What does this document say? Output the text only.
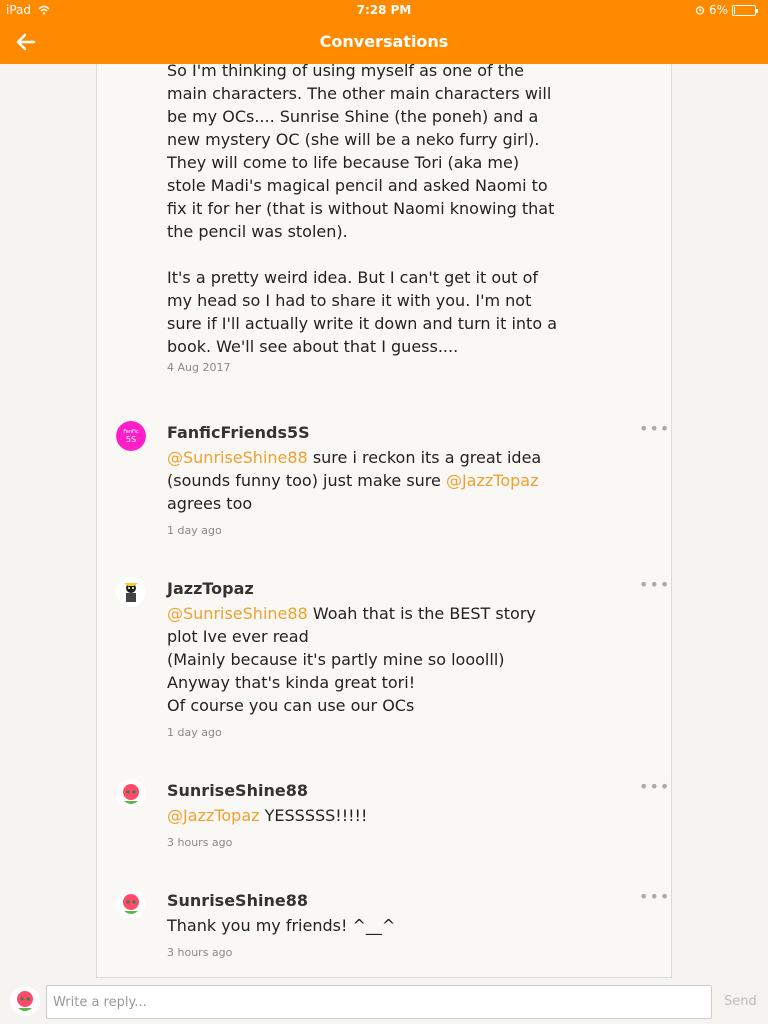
iPad	7:28 PM	6%
Conversations
So I'm thinking of using myself as one of the main characters. The other main characters will be my OCs.... Sunrise Shine (the poneh) and a new mystery OC (she will be a neko furry girl). They will come to life because Tori (aka me) stole Madi's magical pencil and asked Naomi to fix it for her (that is without Naomi knowing that the pencil was stolen).
It's a pretty weird idea. But I can't get it out of my head so I had to share it with you. I'm not sure if I'll actually write it down and turn it into a book. We'll see about that I guess....
4 Aug 2017
FanFic
5S FanficFriends5S
@SunriseShine88 sure i reckon its a great idea (sounds funny too) just make sure @JazzTopaz agrees too
•••
1 day ago
JazzTopaz
@SunriseShine88 Woah that is the BEST story plot Ive ever read
(Mainly because it's partly mine so looolll)
Anyway that's kinda great tori!
Of course you can use our OCs
•••
1 day ago
SunriseShine88
@JazzTopaz YESSSSS!!!!!
•••
3 hours ago
SunriseShine88
Thank you my friends! ^__^
•••
3 hours ago
Write a reply...
Send
